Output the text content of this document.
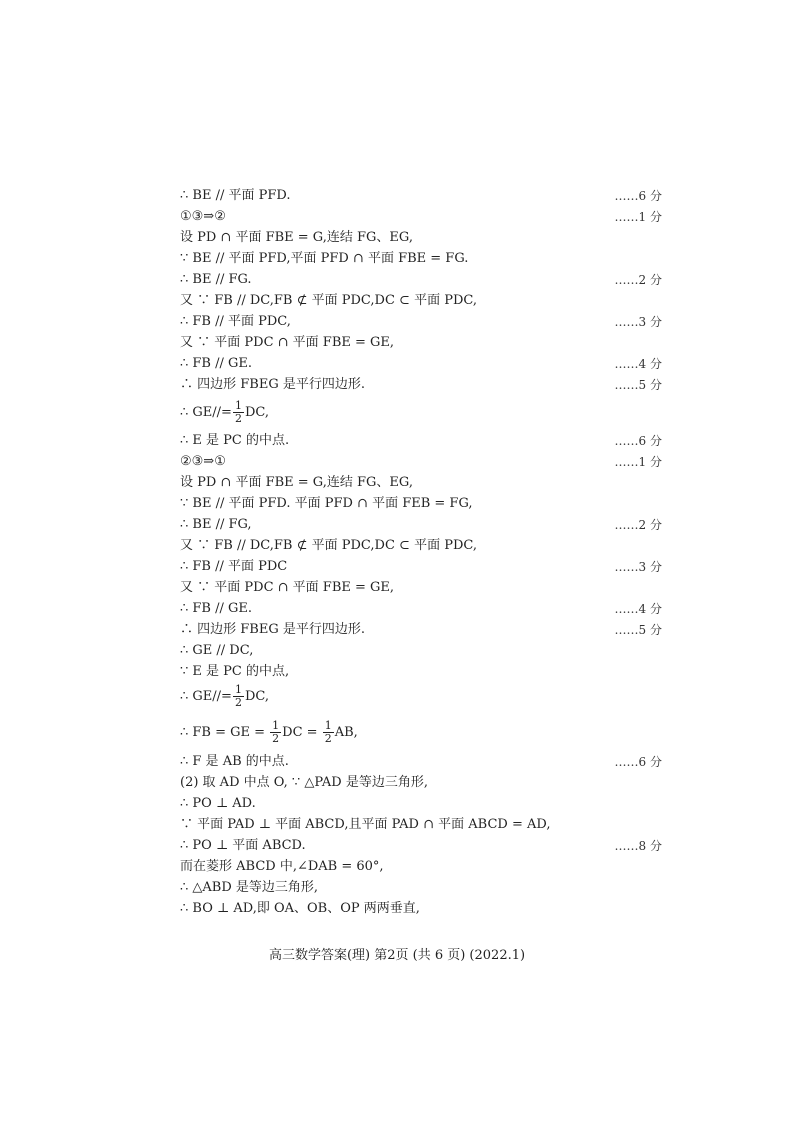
∴ BE // 平面 PFD.	……6 分
①③⇒②	……1 分
设 PD ∩ 平面 FBE = G,连结 FG、EG,
∵ BE // 平面 PFD,平面 PFD ∩ 平面 FBE = FG.
∴ BE // FG.	……2 分
又 ∵ FB // DC,FB ⊄ 平面 PDC,DC ⊂ 平面 PDC,
∴ FB // 平面 PDC,	……3 分
又 ∵ 平面 PDC ∩ 平面 FBE = GE,
∴ FB // GE.	……4 分
∴ 四边形 FBEG 是平行四边形.	……5 分
∴ $GE//= \frac{1}{2}$ DC,
∴ E 是 PC 的中点.	……6 分
②③⇒①	……1 分
设 PD ∩ 平面 FBE = G,连结 FG、EG,
∵ BE // 平面 PFD. 平面 PFD ∩ 平面 FEB = FG,
∴ BE // FG,	……2 分
又 ∵ FB // DC,FB ⊄ 平面 PDC,DC ⊂ 平面 PDC,
∴ FB // 平面 PDC	……3 分
又 ∵ 平面 PDC ∩ 平面 FBE = GE,
∴ FB // GE.	……4 分
∴ 四边形 FBEG 是平行四边形.	……5 分
∴ GE // DC,
∵ E 是 PC 的中点,
∴ $GE//= \frac{1}{2}$ DC,
∴ FB = GE = $\frac{1}{2}$ DC = $\frac{1}{2}$ AB,
∴ F 是 AB 的中点.	……6 分
(2) 取 AD 中点 O, ∵ △PAD 是等边三角形,
∴ PO ⊥ AD.
∵ 平面 PAD ⊥ 平面 ABCD,且平面 PAD ∩ 平面 ABCD = AD,
∴ PO ⊥ 平面 ABCD.	……8 分
而在菱形 ABCD 中,∠DAB = 60°,
∴ △ABD 是等边三角形,
∴ BO ⊥ AD,即 OA、OB、OP 两两垂直,
高三数学答案(理) 第2页 (共 6 页) (2022.1)
